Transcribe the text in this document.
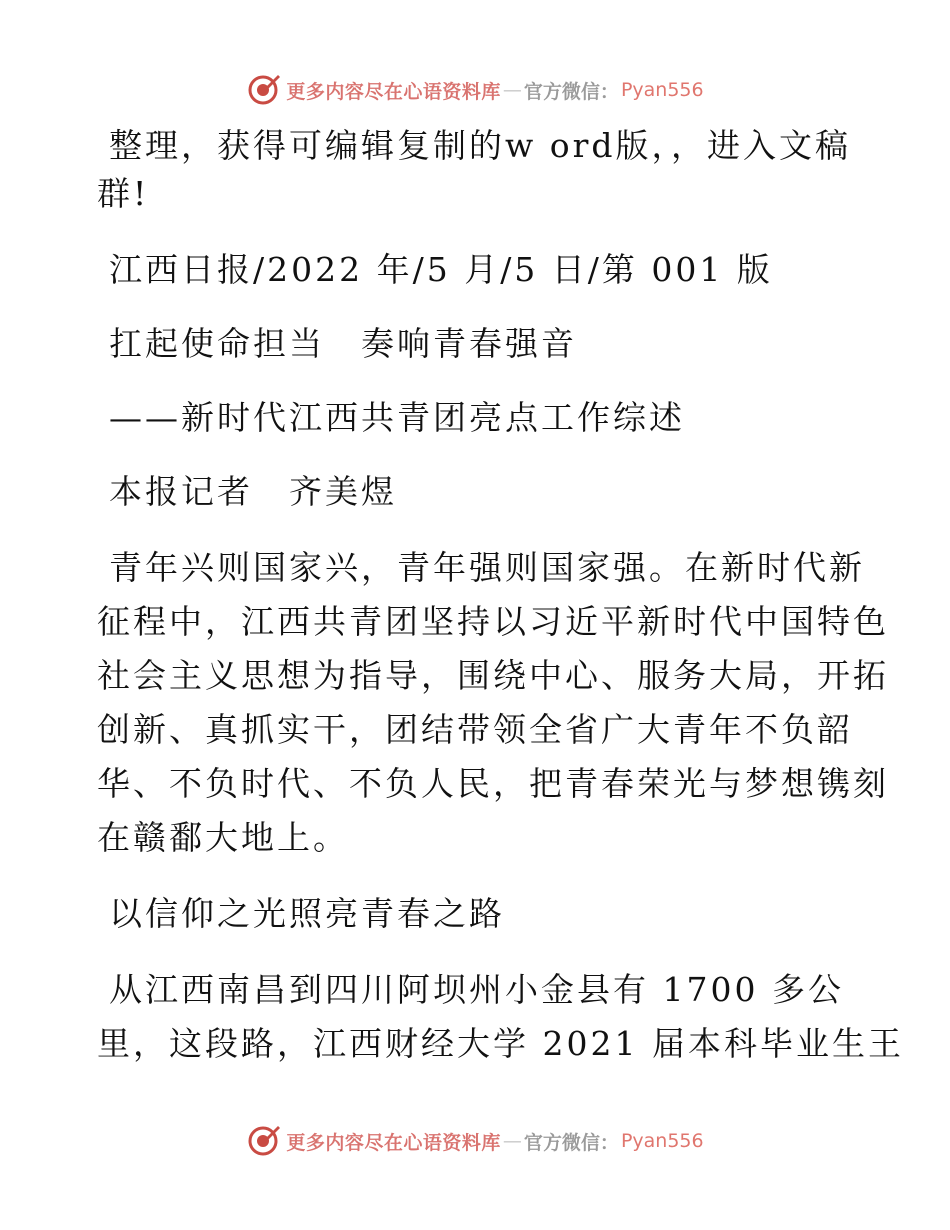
更多内容尽在心语资料库 — 官方微信： Pyan556
整理，获得可编辑复制的w ord版，，进入文稿
群!
江西日报/2022 年/5 月/5 日/第 001 版
扛起使命担当　奏响青春强音
——新时代江西共青团亮点工作综述
本报记者　齐美煜
青年兴则国家兴，青年强则国家强。在新时代新
征程中，江西共青团坚持以习近平新时代中国特色
社会主义思想为指导，围绕中心、服务大局，开拓
创新、真抓实干，团结带领全省广大青年不负韶
华、不负时代、不负人民，把青春荣光与梦想镌刻
在赣鄱大地上。
以信仰之光照亮青春之路
从江西南昌到四川阿坝州小金县有 1700 多公
里，这段路，江西财经大学 2021 届本科毕业生王
更多内容尽在心语资料库 — 官方微信： Pyan556
